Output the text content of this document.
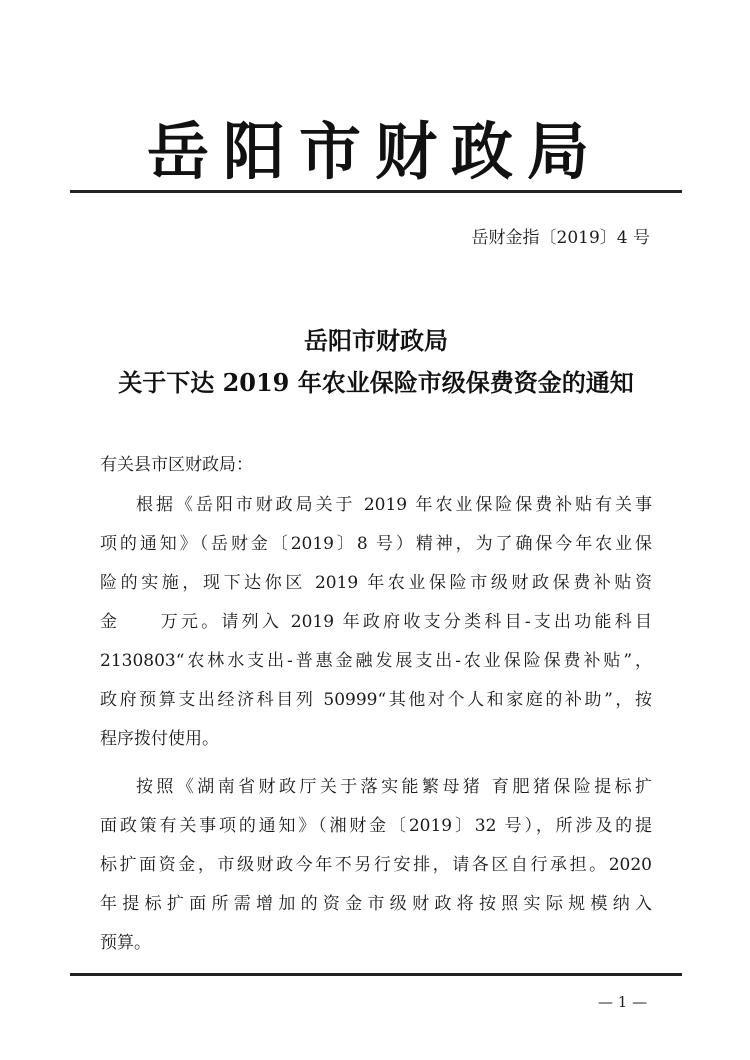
岳阳市财政局
岳财金指〔2019〕4 号
岳阳市财政局
关于下达 2019 年农业保险市级保费资金的通知
有关县市区财政局：
根据《岳阳市财政局关于 2019 年农业保险保费补贴有关事
项的通知》（岳财金〔2019〕8 号）精神，为了确保今年农业保
险的实施，现下达你区 2019 年农业保险市级财政保费补贴资
金　　万元。请列入 2019 年政府收支分类科目-支出功能科目
2130803“农林水支出-普惠金融发展支出-农业保险保费补贴”，
政府预算支出经济科目列 50999“其他对个人和家庭的补助”，按
程序拨付使用。
按照《湖南省财政厅关于落实能繁母猪 育肥猪保险提标扩
面政策有关事项的通知》（湘财金〔2019〕32 号），所涉及的提
标扩面资金，市级财政今年不另行安排，请各区自行承担。2020
年提标扩面所需增加的资金市级财政将按照实际规模纳入
预算。
— 1 —
